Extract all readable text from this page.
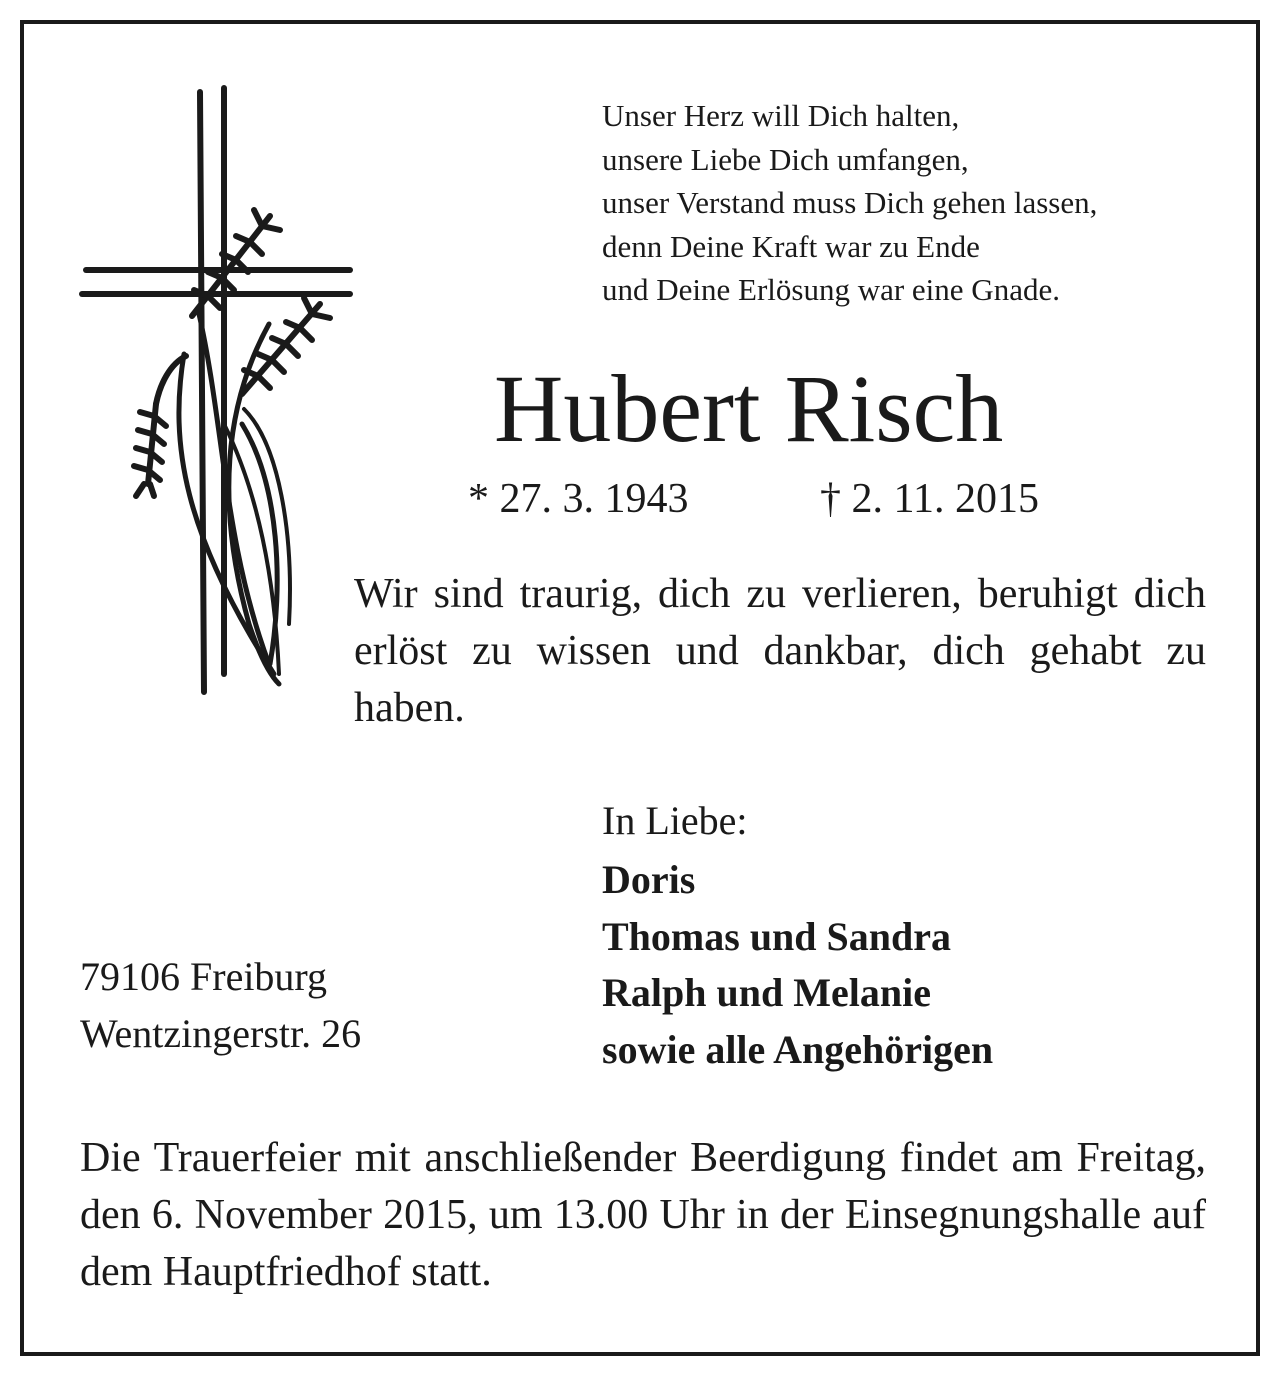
Unser Herz will Dich halten,
unsere Liebe Dich umfangen,
unser Verstand muss Dich gehen lassen,
denn Deine Kraft war zu Ende
und Deine Erlösung war eine Gnade.
Hubert Risch
* 27. 3. 1943	† 2. 11. 2015
Wir sind traurig, dich zu verlieren, beruhigt dich erlöst zu wissen und dankbar, dich gehabt zu haben.
In Liebe:
Doris
Thomas und Sandra
Ralph und Melanie
sowie alle Angehörigen
79106 Freiburg
Wentzingerstr. 26
Die Trauerfeier mit anschließender Beerdigung findet am Freitag, den 6. November 2015, um 13.00 Uhr in der Einsegnungshalle auf dem Hauptfriedhof statt.
